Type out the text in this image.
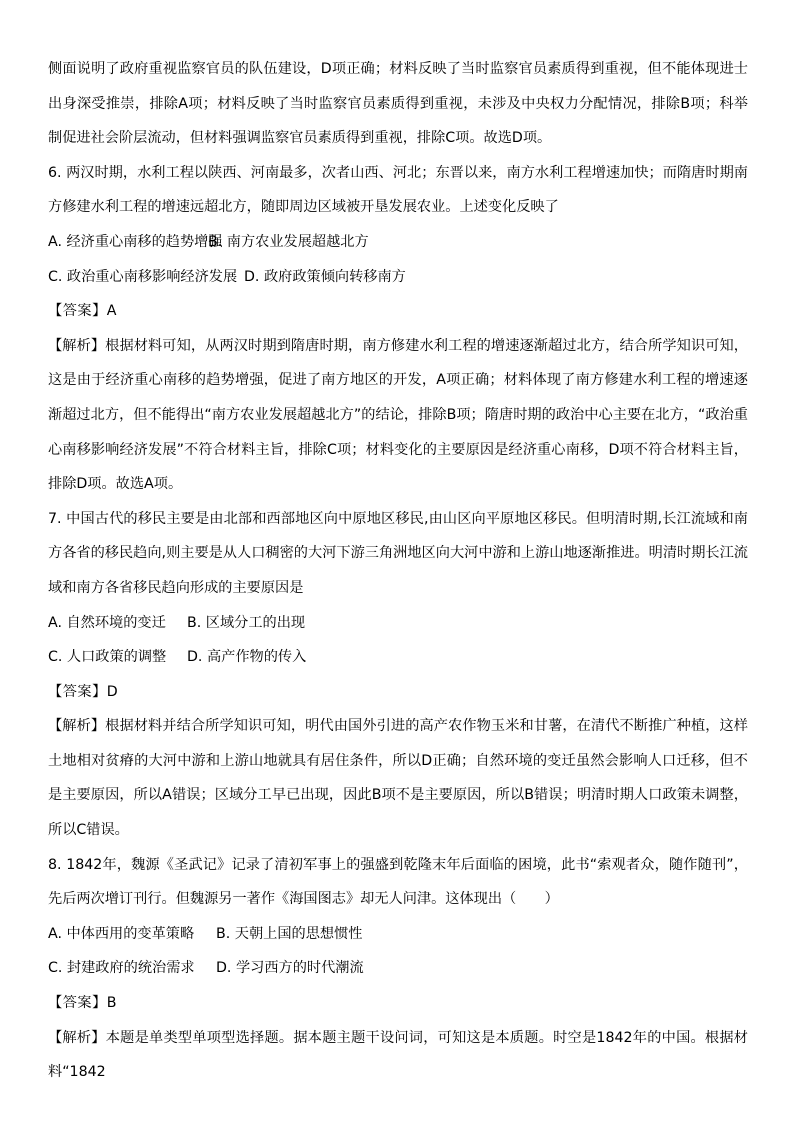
侧面说明了政府重视监察官员的队伍建设，D项正确；材料反映了当时监察官员素质得到重视，但不能体现进士出身深受推崇，排除A项；材料反映了当时监察官员素质得到重视，未涉及中央权力分配情况，排除B项；科举制促进社会阶层流动，但材料强调监察官员素质得到重视，排除C项。故选D项。

6. 两汉时期，水利工程以陕西、河南最多，次者山西、河北；东晋以来，南方水利工程增速加快；而隋唐时期南方修建水利工程的增速远超北方，随即周边区域被开垦发展农业。上述变化反映了

A. 经济重心南移的趋势增强
B. 南方农业发展超越北方
C. 政治重心南移影响经济发展 D. 政府政策倾向转移南方

【答案】A

【解析】根据材料可知，从两汉时期到隋唐时期，南方修建水利工程的增速逐渐超过北方，结合所学知识可知，这是由于经济重心南移的趋势增强，促进了南方地区的开发，A项正确；材料体现了南方修建水利工程的增速逐渐超过北方，但不能得出“南方农业发展超越北方”的结论，排除B项；隋唐时期的政治中心主要在北方，“政治重心南移影响经济发展”不符合材料主旨，排除C项；材料变化的主要原因是经济重心南移，D项不符合材料主旨，排除D项。故选A项。

7. 中国古代的移民主要是由北部和西部地区向中原地区移民,由山区向平原地区移民。但明清时期,长江流域和南方各省的移民趋向,则主要是从人口稠密的大河下游三角洲地区向大河中游和上游山地逐渐推进。明清时期长江流域和南方各省移民趋向形成的主要原因是

A. 自然环境的变迁	B. 区域分工的出现
C. 人口政策的调整	D. 高产作物的传入

【答案】D

【解析】根据材料并结合所学知识可知，明代由国外引进的高产农作物玉米和甘薯，在清代不断推广种植，这样土地相对贫瘠的大河中游和上游山地就具有居住条件，所以D正确；自然环境的变迁虽然会影响人口迁移，但不是主要原因，所以A错误；区域分工早已出现，因此B项不是主要原因，所以B错误；明清时期人口政策未调整，所以C错误。

8. 1842年，魏源《圣武记》记录了清初军事上的强盛到乾隆末年后面临的困境，此书“索观者众，随作随刊”，先后两次增订刊行。但魏源另一著作《海国图志》却无人问津。这体现出（　　）

A. 中体西用的变革策略	B. 天朝上国的思想惯性
C. 封建政府的统治需求	D. 学习西方的时代潮流

【答案】B

【解析】本题是单类型单项型选择题。据本题主题干设问词，可知这是本质题。时空是1842年的中国。根据材料“1842
